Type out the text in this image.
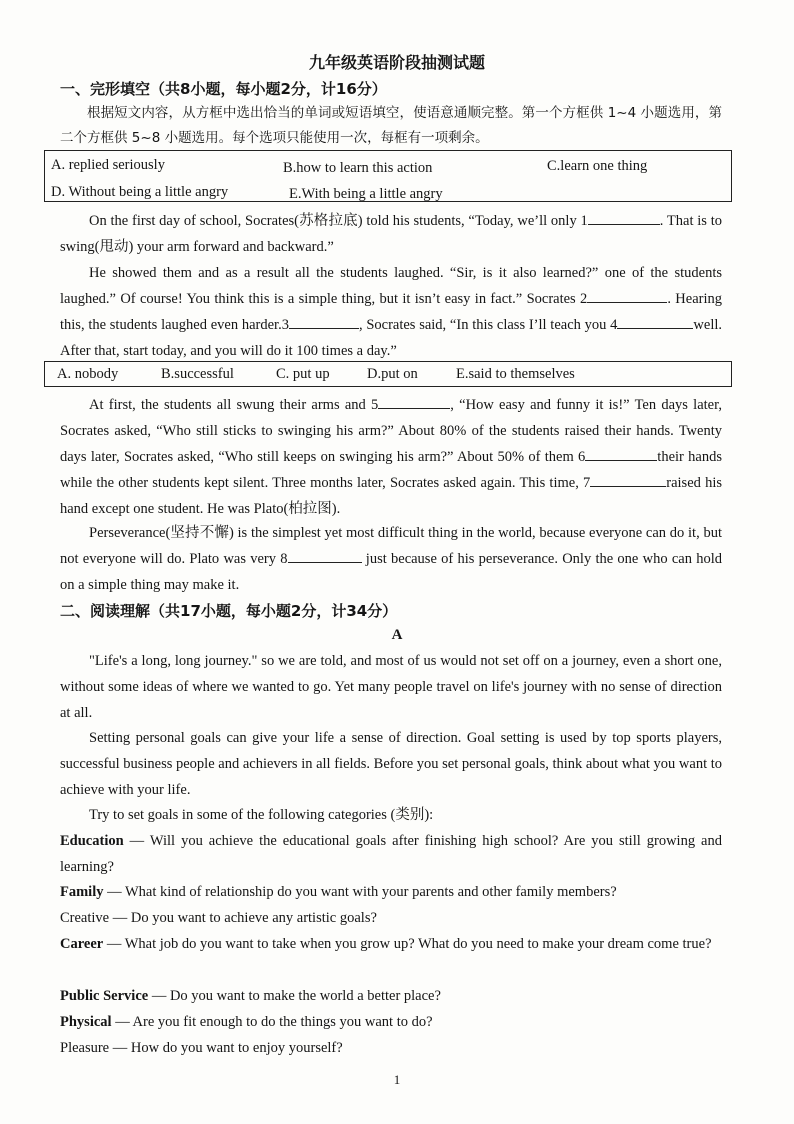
九年级英语阶段抽测试题
一、完形填空（共8小题，每小题2分，计16分）

根据短文内容，从方框中选出恰当的单词或短语填空，使语意通顺完整。第一个方框供 1~4 小题选用，第二个方框供 5~8 小题选用。每个选项只能使用一次，每框有一项剩余。

A. replied seriously	B.how to learn this action	C.learn one thing
D. Without being a little angry	E.With being a little angry

On the first day of school, Socrates(苏格拉底) told his students, “Today, we’ll only 1	. That is to swing(甩动) your arm forward and backward.”

He showed them and as a result all the students laughed. “Sir, is it also learned?” one of the students laughed.” Of course! You think this is a simple thing, but it isn’t easy in fact.” Socrates 2	. Hearing this, the students laughed even harder.3	, Socrates said, “In this class I’ll teach you 4	well. After that, start today, and you will do it 100 times a day.”

A. nobody	B.successful	C. put up	D.put on	E.said to themselves

At first, the students all swung their arms and 5	, “How easy and funny it is!” Ten days later, Socrates asked, “Who still sticks to swinging his arm?” About 80% of the students raised their hands. Twenty days later, Socrates asked, “Who still keeps on swinging his arm?” About 50% of them 6	their hands while the other students kept silent. Three months later, Socrates asked again. This time, 7	raised his hand except one student. He was Plato(柏拉图).

Perseverance(坚持不懈) is the simplest yet most difficult thing in the world, because everyone can do it, but not everyone will do. Plato was very 8	just because of his perseverance. Only the one who can hold on a simple thing may make it.

二、阅读理解（共17小题，每小题2分，计34分）
A

"Life's a long, long journey." so we are told, and most of us would not set off on a journey, even a short one, without some ideas of where we wanted to go. Yet many people travel on life's journey with no sense of direction at all.

Setting personal goals can give your life a sense of direction. Goal setting is used by top sports players, successful business people and achievers in all fields. Before you set personal goals, think about what you want to achieve with your life.

Try to set goals in some of the following categories (类别):

Education — Will you achieve the educational goals after finishing high school? Are you still growing and learning?

Family — What kind of relationship do you want with your parents and other family members?

Creative — Do you want to achieve any artistic goals?

Career — What job do you want to take when you grow up? What do you need to make your dream come true?

Public Service — Do you want to make the world a better place?

Physical — Are you fit enough to do the things you want to do?

Pleasure — How do you want to enjoy yourself?

1
